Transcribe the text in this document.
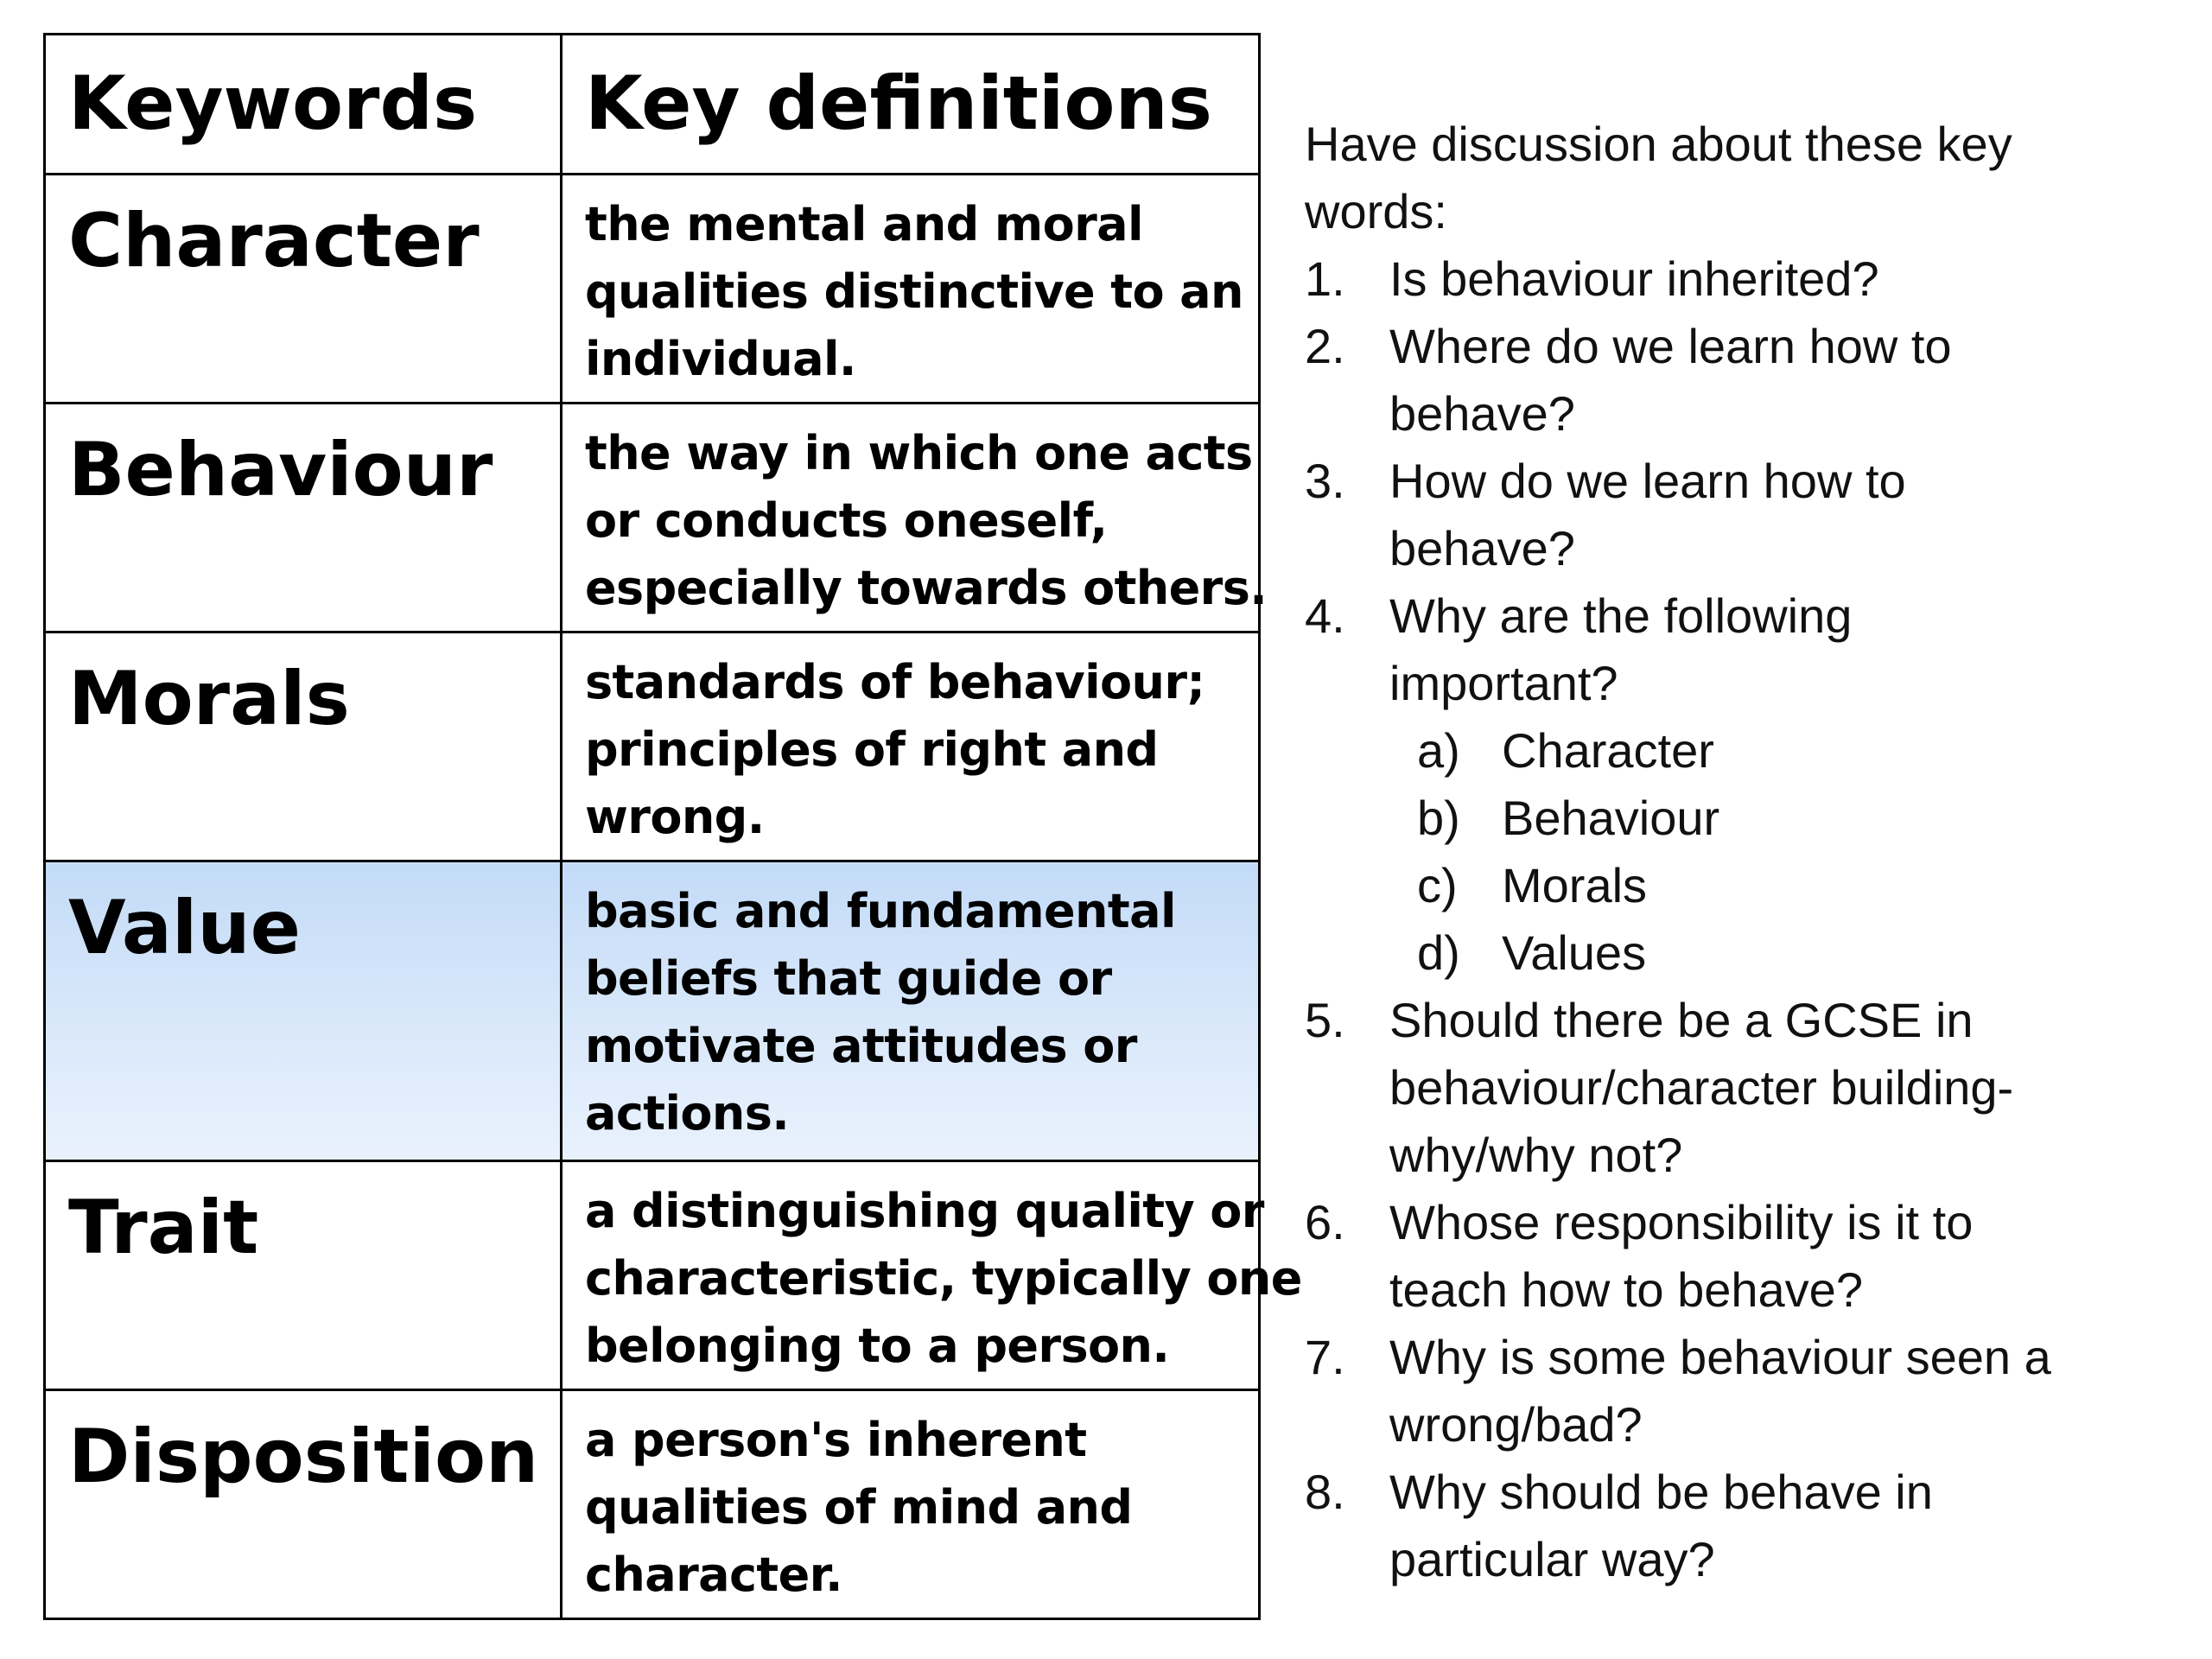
Keywords	Key definitions
Character	the mental and moral
qualities distinctive to an
individual.

Behaviour	the way in which one acts
or conducts oneself,
especially towards others.

Morals	standards of behaviour;
principles of right and
wrong.

Value	basic and fundamental
beliefs that guide or
motivate attitudes or
actions.

Trait	a distinguishing quality or
characteristic, typically one
belonging to a person.

Disposition	a person's inherent
qualities of mind and
character.
Have discussion about these key
words:
1. Is behaviour inherited?
2. Where do we learn how to
behave?
3. How do we learn how to
behave?
4. Why are the following
important?
a) Character
b) Behaviour
c) Morals
d) Values
5. Should there be a GCSE in
behaviour/character building-
why/why not?
6. Whose responsibility is it to
teach how to behave?
7. Why is some behaviour seen a
wrong/bad?
8. Why should be behave in
particular way?
